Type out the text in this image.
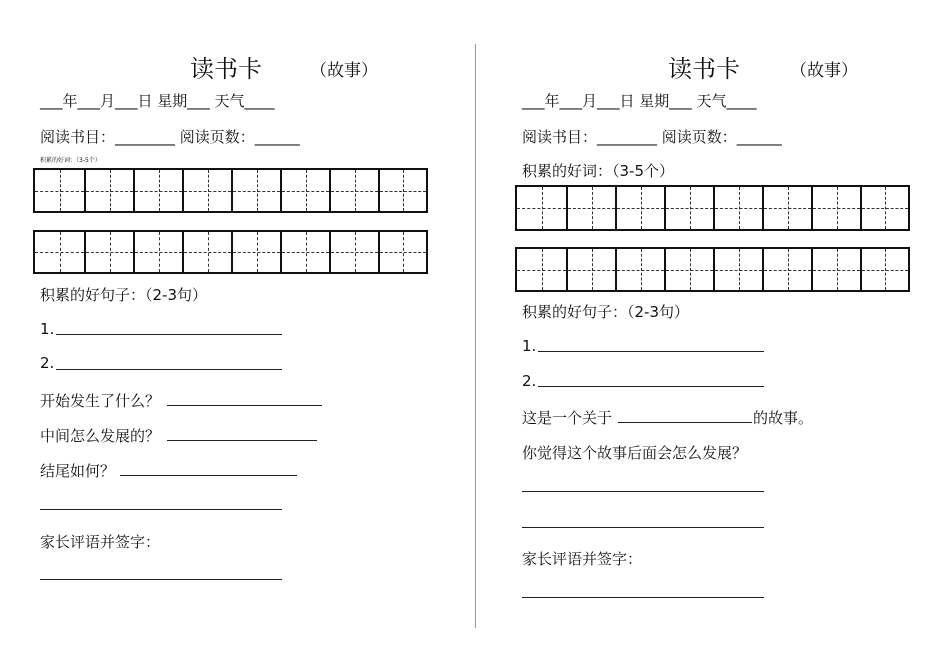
读书卡	（故事）
___年___月___日 星期___ 天气____
阅读书目：________ 阅读页数：______
积累的好词：（3-5个）
积累的好句子：（2-3句）
1.
2.
开始发生了什么？
中间怎么发展的？
结尾如何？
家长评语并签字：
读书卡	（故事）
___年___月___日 星期___ 天气____
阅读书目：________ 阅读页数：______
积累的好词：（3-5个）
积累的好句子：（2-3句）
1.
2.
这是一个关于	的故事。
你觉得这个故事后面会怎么发展？
家长评语并签字：
